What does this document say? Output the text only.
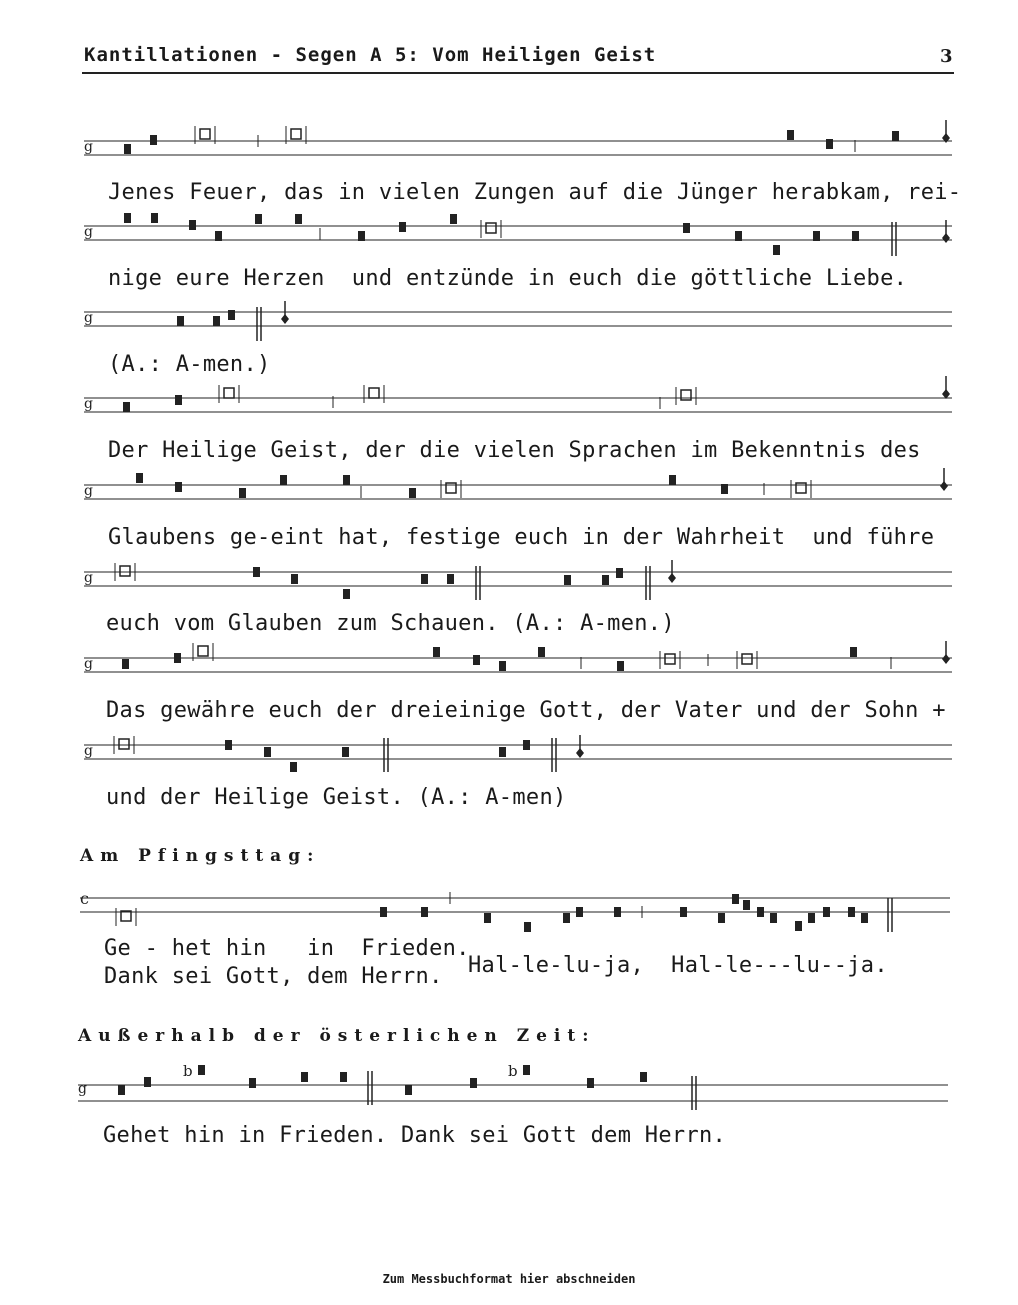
Kantillationen - Segen A 5: Vom Heiligen Geist	3
g
g
g
g
g
g
g
g
c
g
b	b
Jenes Feuer, das in vielen Zungen auf die Jünger herabkam, rei-
nige eure Herzen  und entzünde in euch die göttliche Liebe.
(A.: A-men.)
Der Heilige Geist, der die vielen Sprachen im Bekenntnis des
Glaubens ge-eint hat, festige euch in der Wahrheit  und führe
euch vom Glauben zum Schauen. (A.: A-men.)
Das gewähre euch der dreieinige Gott, der Vater und der Sohn +
und der Heilige Geist. (A.: A-men)
Am Pfingsttag:
Ge - het hin   in  Frieden.
Dank sei Gott, dem Herrn. Hal-le-lu-ja,  Hal-le---lu--ja.
Außerhalb der österlichen Zeit:
Gehet hin in Frieden. Dank sei Gott dem Herrn.
Zum Messbuchformat hier abschneiden
